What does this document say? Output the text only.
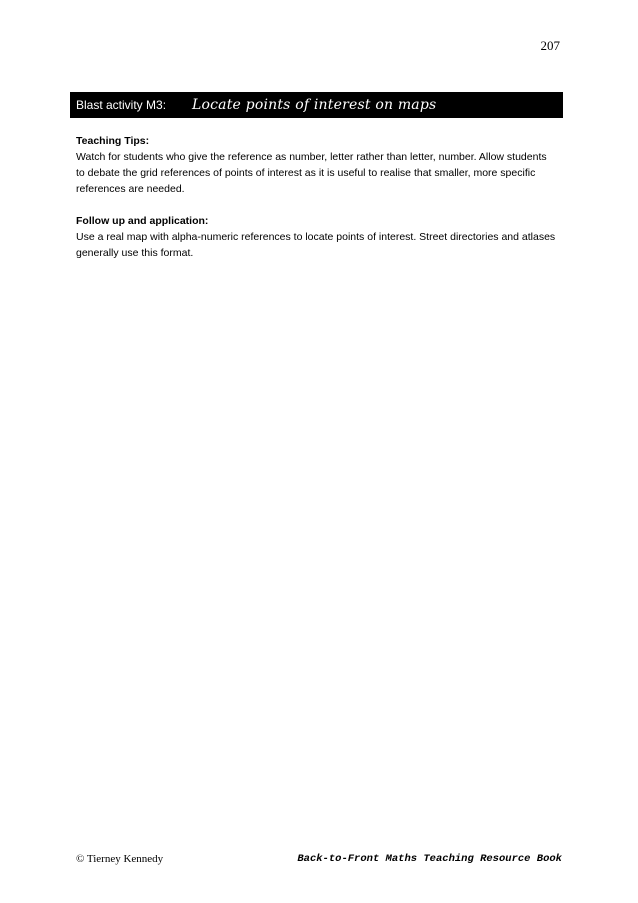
207
Blast activity M3:	Locate points of interest on maps

Teaching Tips:

Watch for students who give the reference as number, letter rather than letter, number. Allow students to debate the grid references of points of interest as it is useful to realise that smaller, more specific references are needed.

Follow up and application:

Use a real map with alpha-numeric references to locate points of interest. Street directories and atlases generally use this format.

© Tierney Kennedy	Back-to-Front Maths Teaching Resource Book
